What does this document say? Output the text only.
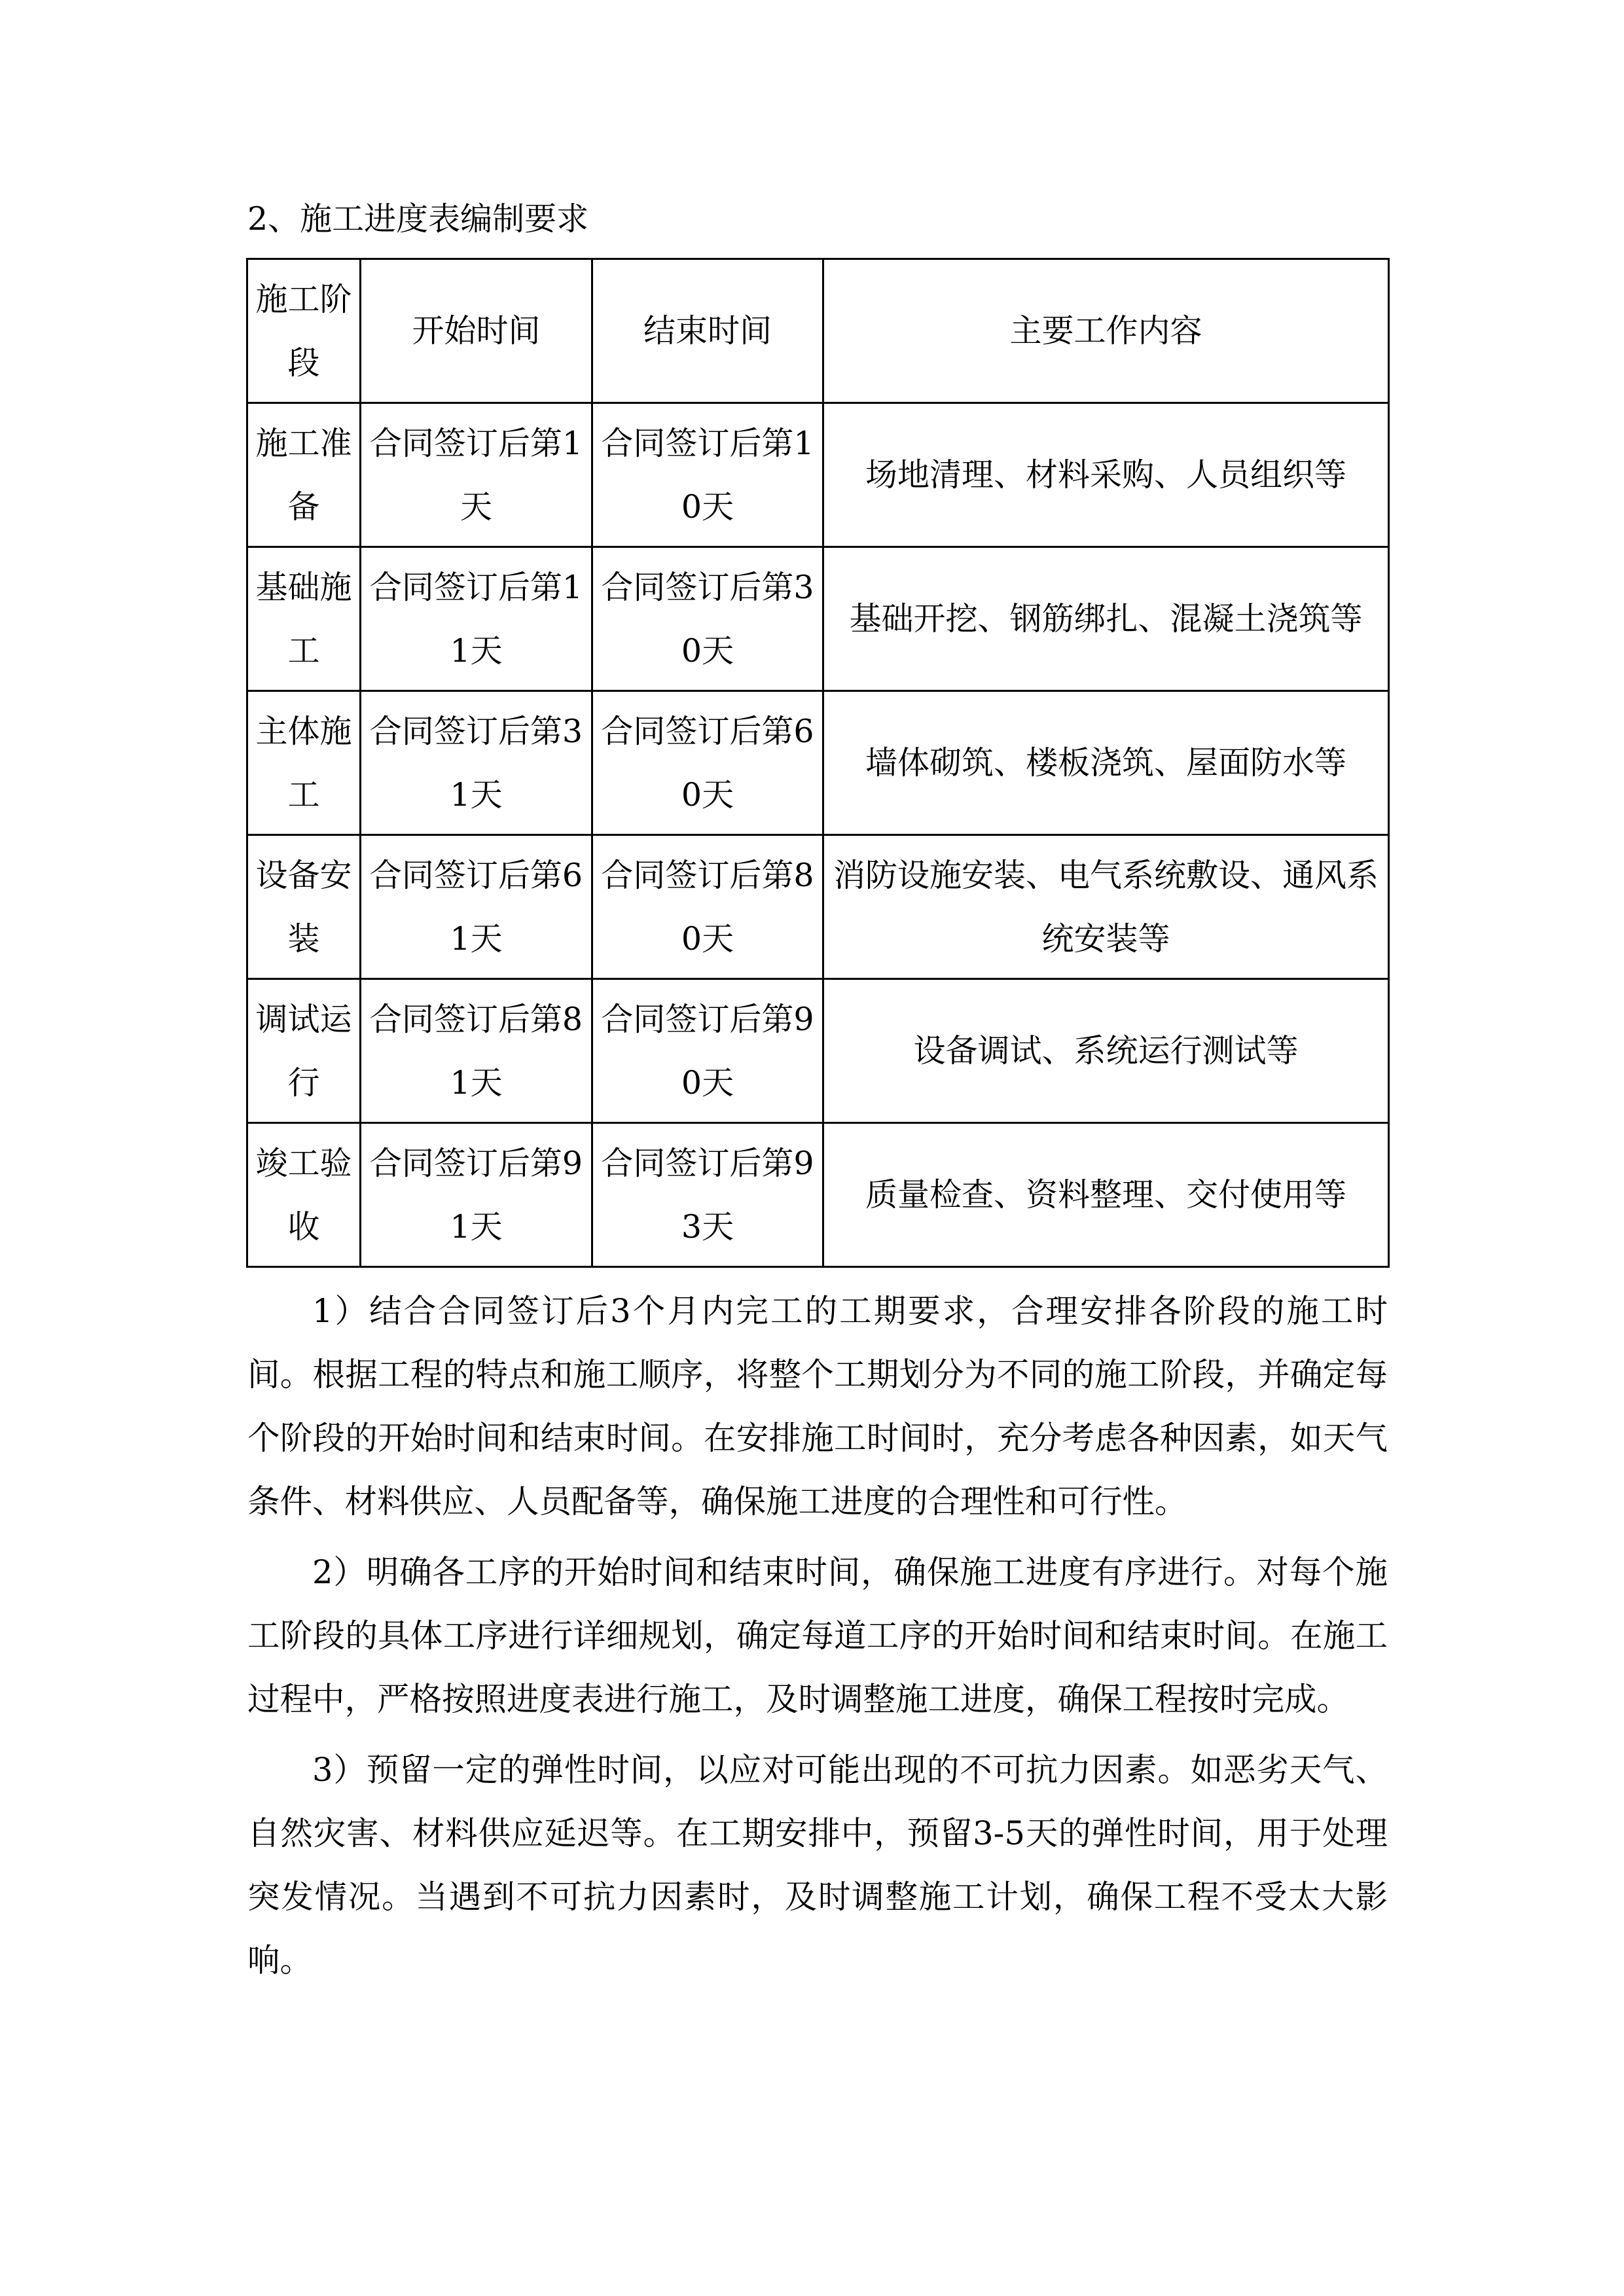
2、施工进度表编制要求
施工阶段	开始时间	结束时间	主要工作内容
施工准备	合同签订后第1天	合同签订后第10天	场地清理、材料采购、人员组织等
基础施工	合同签订后第11天	合同签订后第30天	基础开挖、钢筋绑扎、混凝土浇筑等
主体施工	合同签订后第31天	合同签订后第60天	墙体砌筑、楼板浇筑、屋面防水等
设备安装	合同签订后第61天	合同签订后第80天	消防设施安装、电气系统敷设、通风系统安装等
调试运行	合同签订后第81天	合同签订后第90天	设备调试、系统运行测试等
竣工验收	合同签订后第91天	合同签订后第93天	质量检查、资料整理、交付使用等

1）结合合同签订后3个月内完工的工期要求，合理安排各阶段的施工时间。根据工程的特点和施工顺序，将整个工期划分为不同的施工阶段，并确定每个阶段的开始时间和结束时间。在安排施工时间时，充分考虑各种因素，如天气条件、材料供应、人员配备等，确保施工进度的合理性和可行性。

2）明确各工序的开始时间和结束时间，确保施工进度有序进行。对每个施工阶段的具体工序进行详细规划，确定每道工序的开始时间和结束时间。在施工过程中，严格按照进度表进行施工，及时调整施工进度，确保工程按时完成。

3）预留一定的弹性时间，以应对可能出现的不可抗力因素。如恶劣天气、自然灾害、材料供应延迟等。在工期安排中，预留3-5天的弹性时间，用于处理突发情况。当遇到不可抗力因素时，及时调整施工计划，确保工程不受太大影响。
